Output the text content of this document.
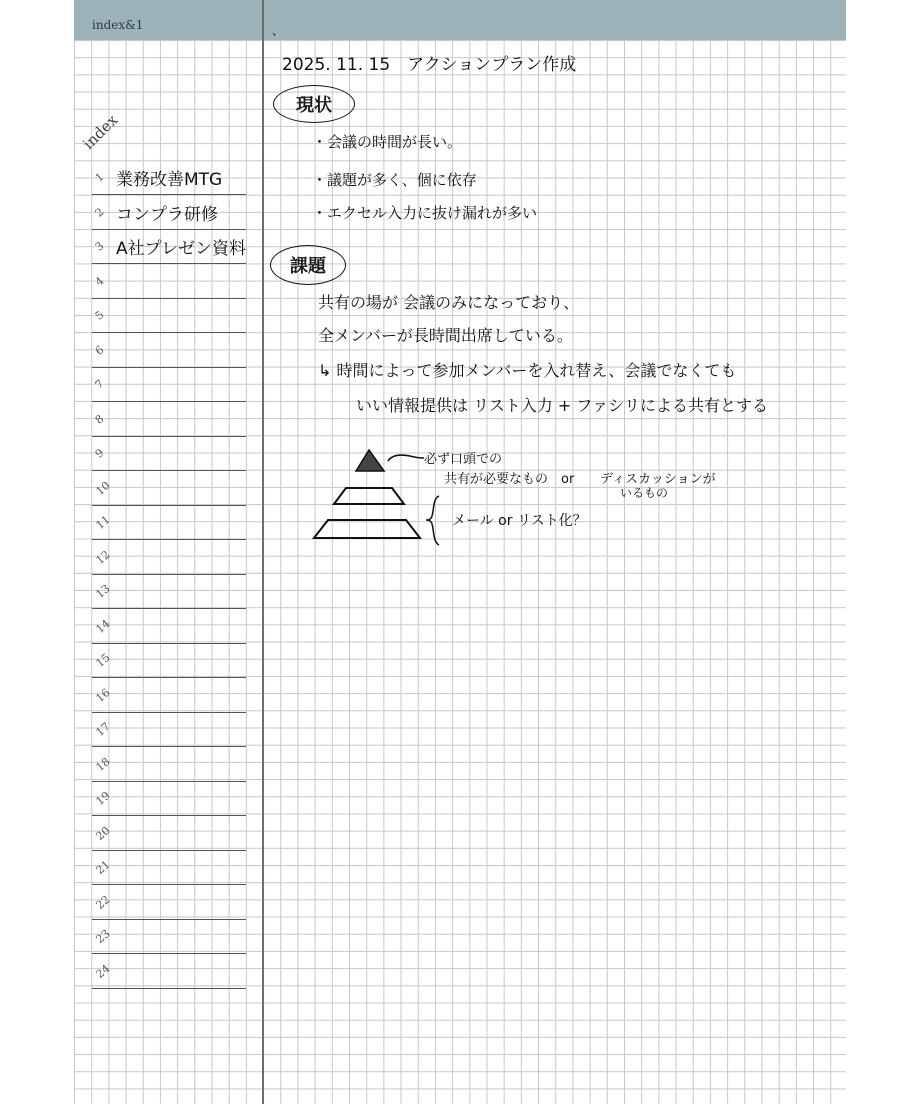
index&1	、
index
1 業務改善MTG
2 コンプラ研修
3 A社プレゼン資料
4
5
6
7
8
9
10
11
12
13
14
15
16
17
18
19
20
21
22
23
24
2025. 11. 15　アクションプラン作成
現状
・会議の時間が長い。
・議題が多く、個に依存
・エクセル入力に抜け漏れが多い
課題
共有の場が 会議のみになっており、
全メンバーが長時間出席している。
↳ 時間によって参加メンバーを入れ替え、会議でなくても
いい情報提供は リスト入力 + ファシリによる共有とする
必ず口頭での
共有が必要なもの　or ディスカッションが
いるもの
メール or リスト化？
